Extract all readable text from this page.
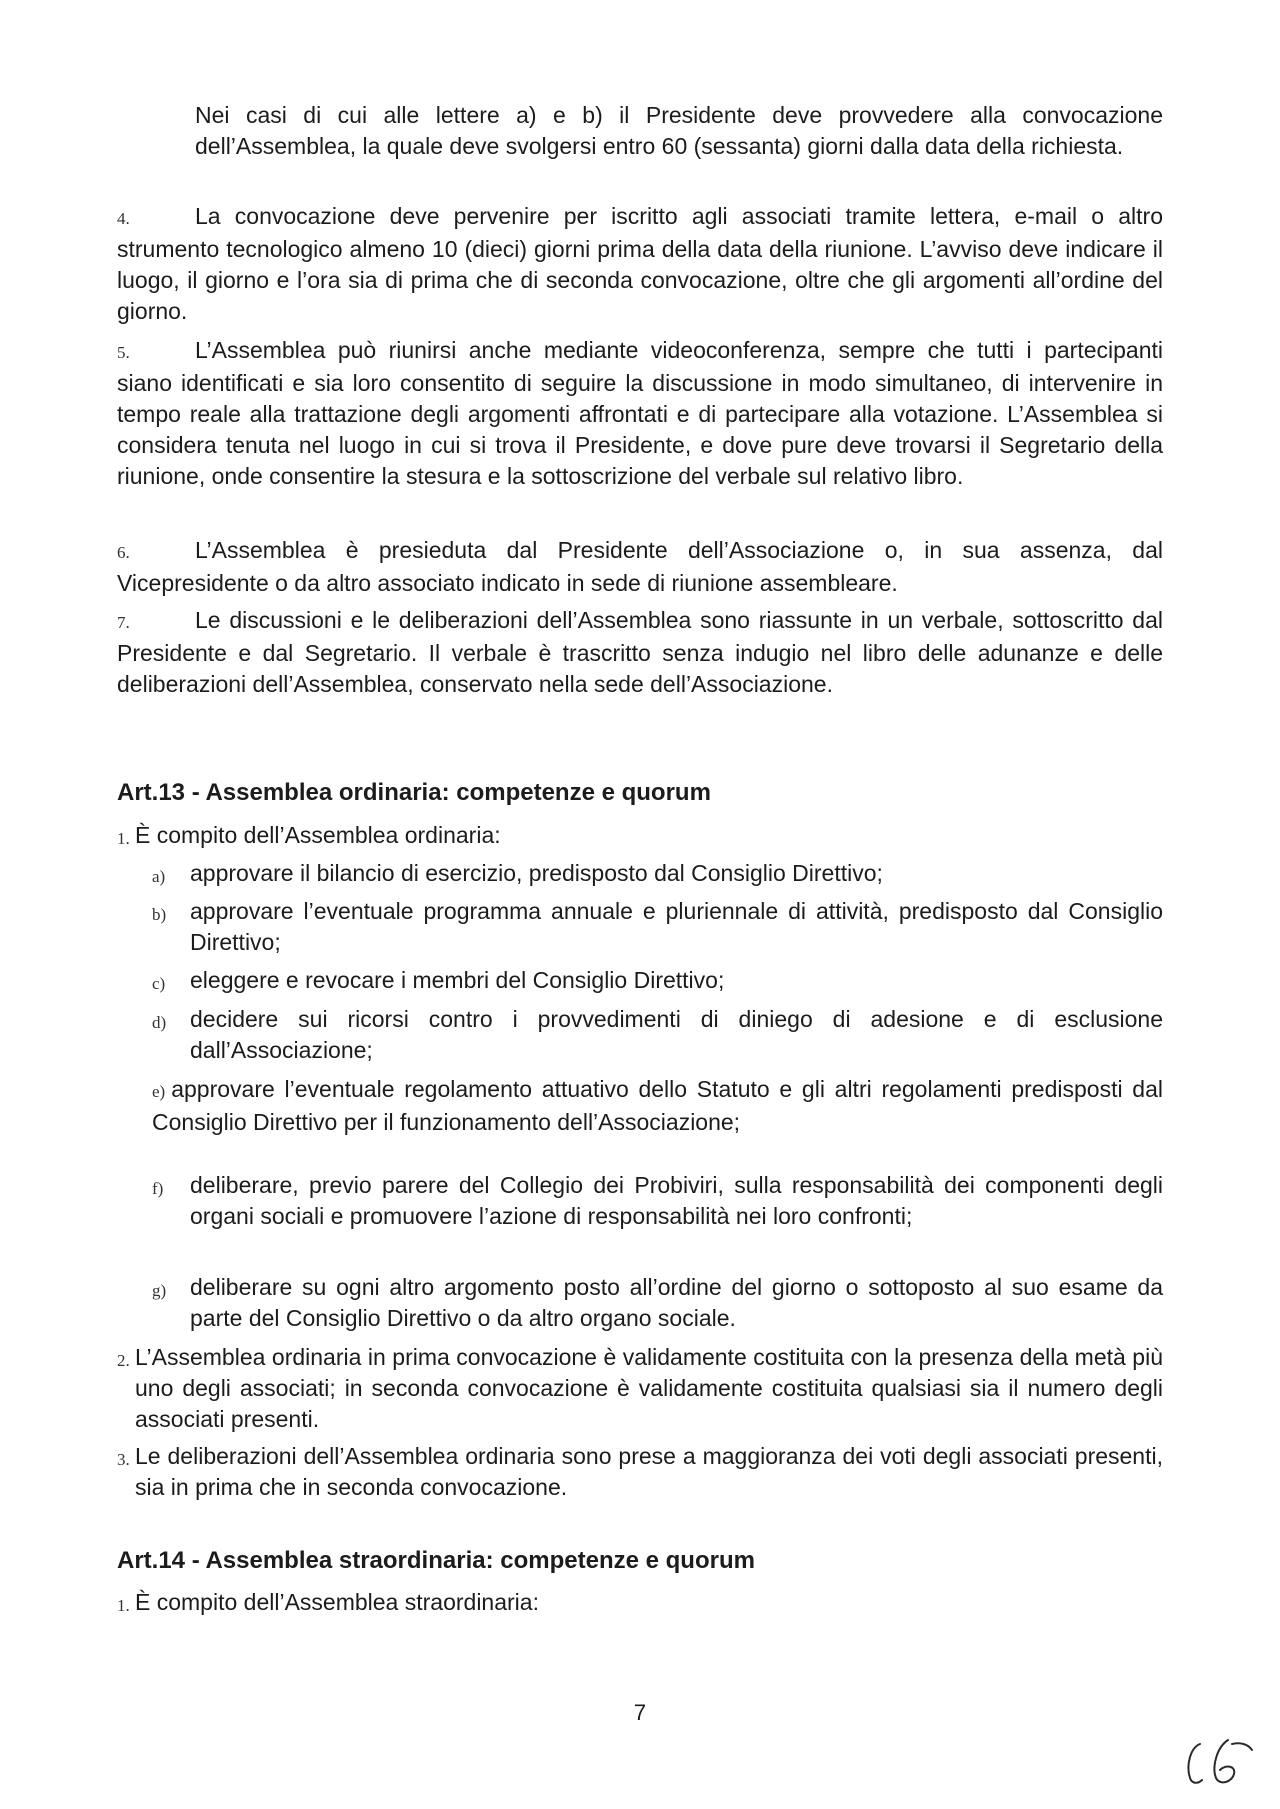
Nei casi di cui alle lettere a) e b) il Presidente deve provvedere alla convocazione dell’Assemblea, la quale deve svolgersi entro 60 (sessanta) giorni dalla data della richiesta.
4.	La convocazione deve pervenire per iscritto agli associati tramite lettera, e-mail o altro strumento tecnologico almeno 10 (dieci) giorni prima della data della riunione. L’avviso deve indicare il luogo, il giorno e l’ora sia di prima che di seconda convocazione, oltre che gli argomenti all’ordine del giorno.
5.	L’Assemblea può riunirsi anche mediante videoconferenza, sempre che tutti i partecipanti siano identificati e sia loro consentito di seguire la discussione in modo simultaneo, di intervenire in tempo reale alla trattazione degli argomenti affrontati e di partecipare alla votazione. L’Assemblea si considera tenuta nel luogo in cui si trova il Presidente, e dove pure deve trovarsi il Segretario della riunione, onde consentire la stesura e la sottoscrizione del verbale sul relativo libro.
6.	L’Assemblea è presieduta dal Presidente dell’Associazione o, in sua assenza, dal Vicepresidente o da altro associato indicato in sede di riunione assembleare.
7.	Le discussioni e le deliberazioni dell’Assemblea sono riassunte in un verbale, sottoscritto dal Presidente e dal Segretario. Il verbale è trascritto senza indugio nel libro delle adunanze e delle deliberazioni dell’Assemblea, conservato nella sede dell’Associazione.
Art.13 - Assemblea ordinaria: competenze e quorum
1. È compito dell’Assemblea ordinaria:
a) approvare il bilancio di esercizio, predisposto dal Consiglio Direttivo;
b) approvare l’eventuale programma annuale e pluriennale di attività, predisposto dal Consiglio Direttivo;
c) eleggere e revocare i membri del Consiglio Direttivo;
d) decidere sui ricorsi contro i provvedimenti di diniego di adesione e di esclusione dall’Associazione;
e) approvare l’eventuale regolamento attuativo dello Statuto e gli altri regolamenti predisposti dal Consiglio Direttivo per il funzionamento dell’Associazione;
f) deliberare, previo parere del Collegio dei Probiviri, sulla responsabilità dei componenti degli organi sociali e promuovere l’azione di responsabilità nei loro confronti;
g) deliberare su ogni altro argomento posto all’ordine del giorno o sottoposto al suo esame da parte del Consiglio Direttivo o da altro organo sociale.
2. L’Assemblea ordinaria in prima convocazione è validamente costituita con la presenza della metà più uno degli associati; in seconda convocazione è validamente costituita qualsiasi sia il numero degli associati presenti.
3. Le deliberazioni dell’Assemblea ordinaria sono prese a maggioranza dei voti degli associati presenti, sia in prima che in seconda convocazione.
Art.14 - Assemblea straordinaria: competenze e quorum
1. È compito dell’Assemblea straordinaria:
7
